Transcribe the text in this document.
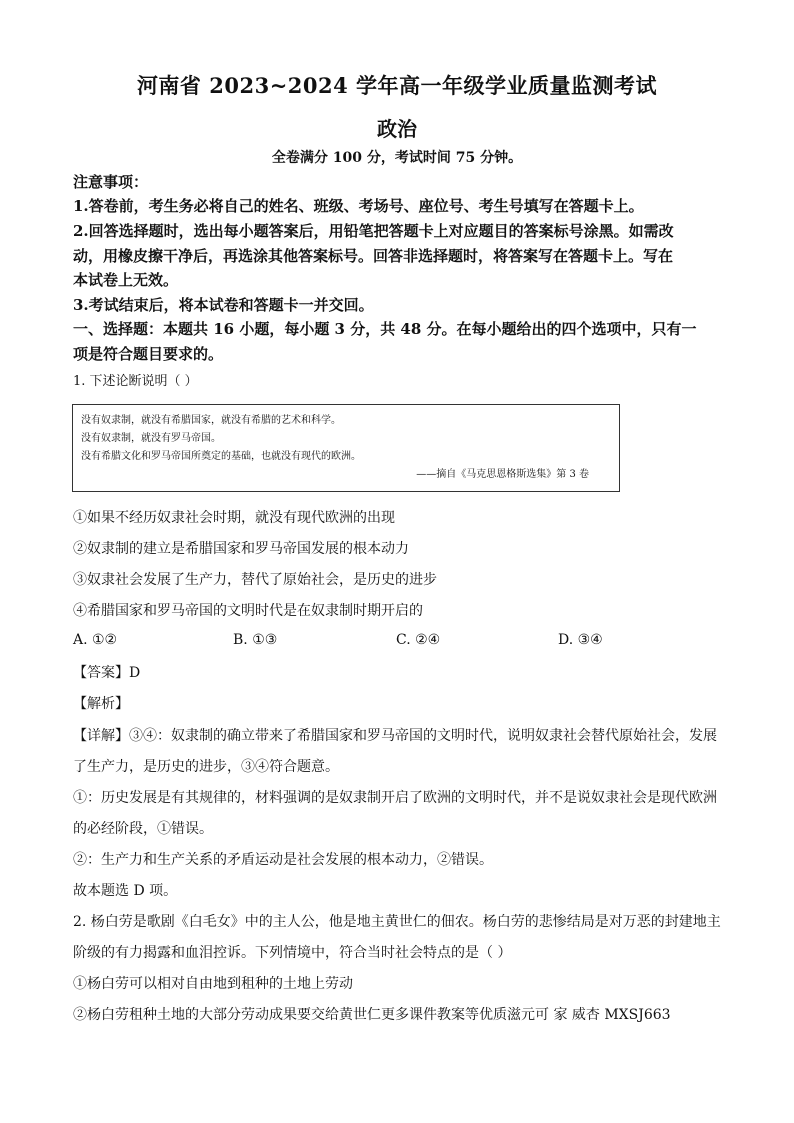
河南省 2023~2024 学年高一年级学业质量监测考试
政治
全卷满分 100 分，考试时间 75 分钟。
注意事项：
1.答卷前，考生务必将自己的姓名、班级、考场号、座位号、考生号填写在答题卡上。
2.回答选择题时，选出每小题答案后，用铅笔把答题卡上对应题目的答案标号涂黑。如需改
动，用橡皮擦干净后，再选涂其他答案标号。回答非选择题时，将答案写在答题卡上。写在
本试卷上无效。
3.考试结束后，将本试卷和答题卡一并交回。
一、选择题：本题共 16 小题，每小题 3 分，共 48 分。在每小题给出的四个选项中，只有一
项是符合题目要求的。
1. 下述论断说明（ ）
没有奴隶制，就没有希腊国家，就没有希腊的艺术和科学。
没有奴隶制，就没有罗马帝国。
没有希腊文化和罗马帝国所奠定的基础，也就没有现代的欧洲。
——摘自《马克思恩格斯选集》第 3 卷
①如果不经历奴隶社会时期，就没有现代欧洲的出现
②奴隶制的建立是希腊国家和罗马帝国发展的根本动力
③奴隶社会发展了生产力，替代了原始社会，是历史的进步
④希腊国家和罗马帝国的文明时代是在奴隶制时期开启的
A. ①②	B. ①③	C. ②④	D. ③④
【答案】D
【解析】
【详解】③④：奴隶制的确立带来了希腊国家和罗马帝国的文明时代，说明奴隶社会替代原始社会，发展
了生产力，是历史的进步，③④符合题意。
①：历史发展是有其规律的，材料强调的是奴隶制开启了欧洲的文明时代，并不是说奴隶社会是现代欧洲
的必经阶段，①错误。
②：生产力和生产关系的矛盾运动是社会发展的根本动力，②错误。
故本题选 D 项。
2. 杨白劳是歌剧《白毛女》中的主人公，他是地主黄世仁的佃农。杨白劳的悲惨结局是对万恶的封建地主
阶级的有力揭露和血泪控诉。下列情境中，符合当时社会特点的是（ ）
①杨白劳可以相对自由地到租种的土地上劳动
②杨白劳租种土地的大部分劳动成果要交给黄世仁更多课件教案等优质滋元可 家 威杏 MXSJ663
